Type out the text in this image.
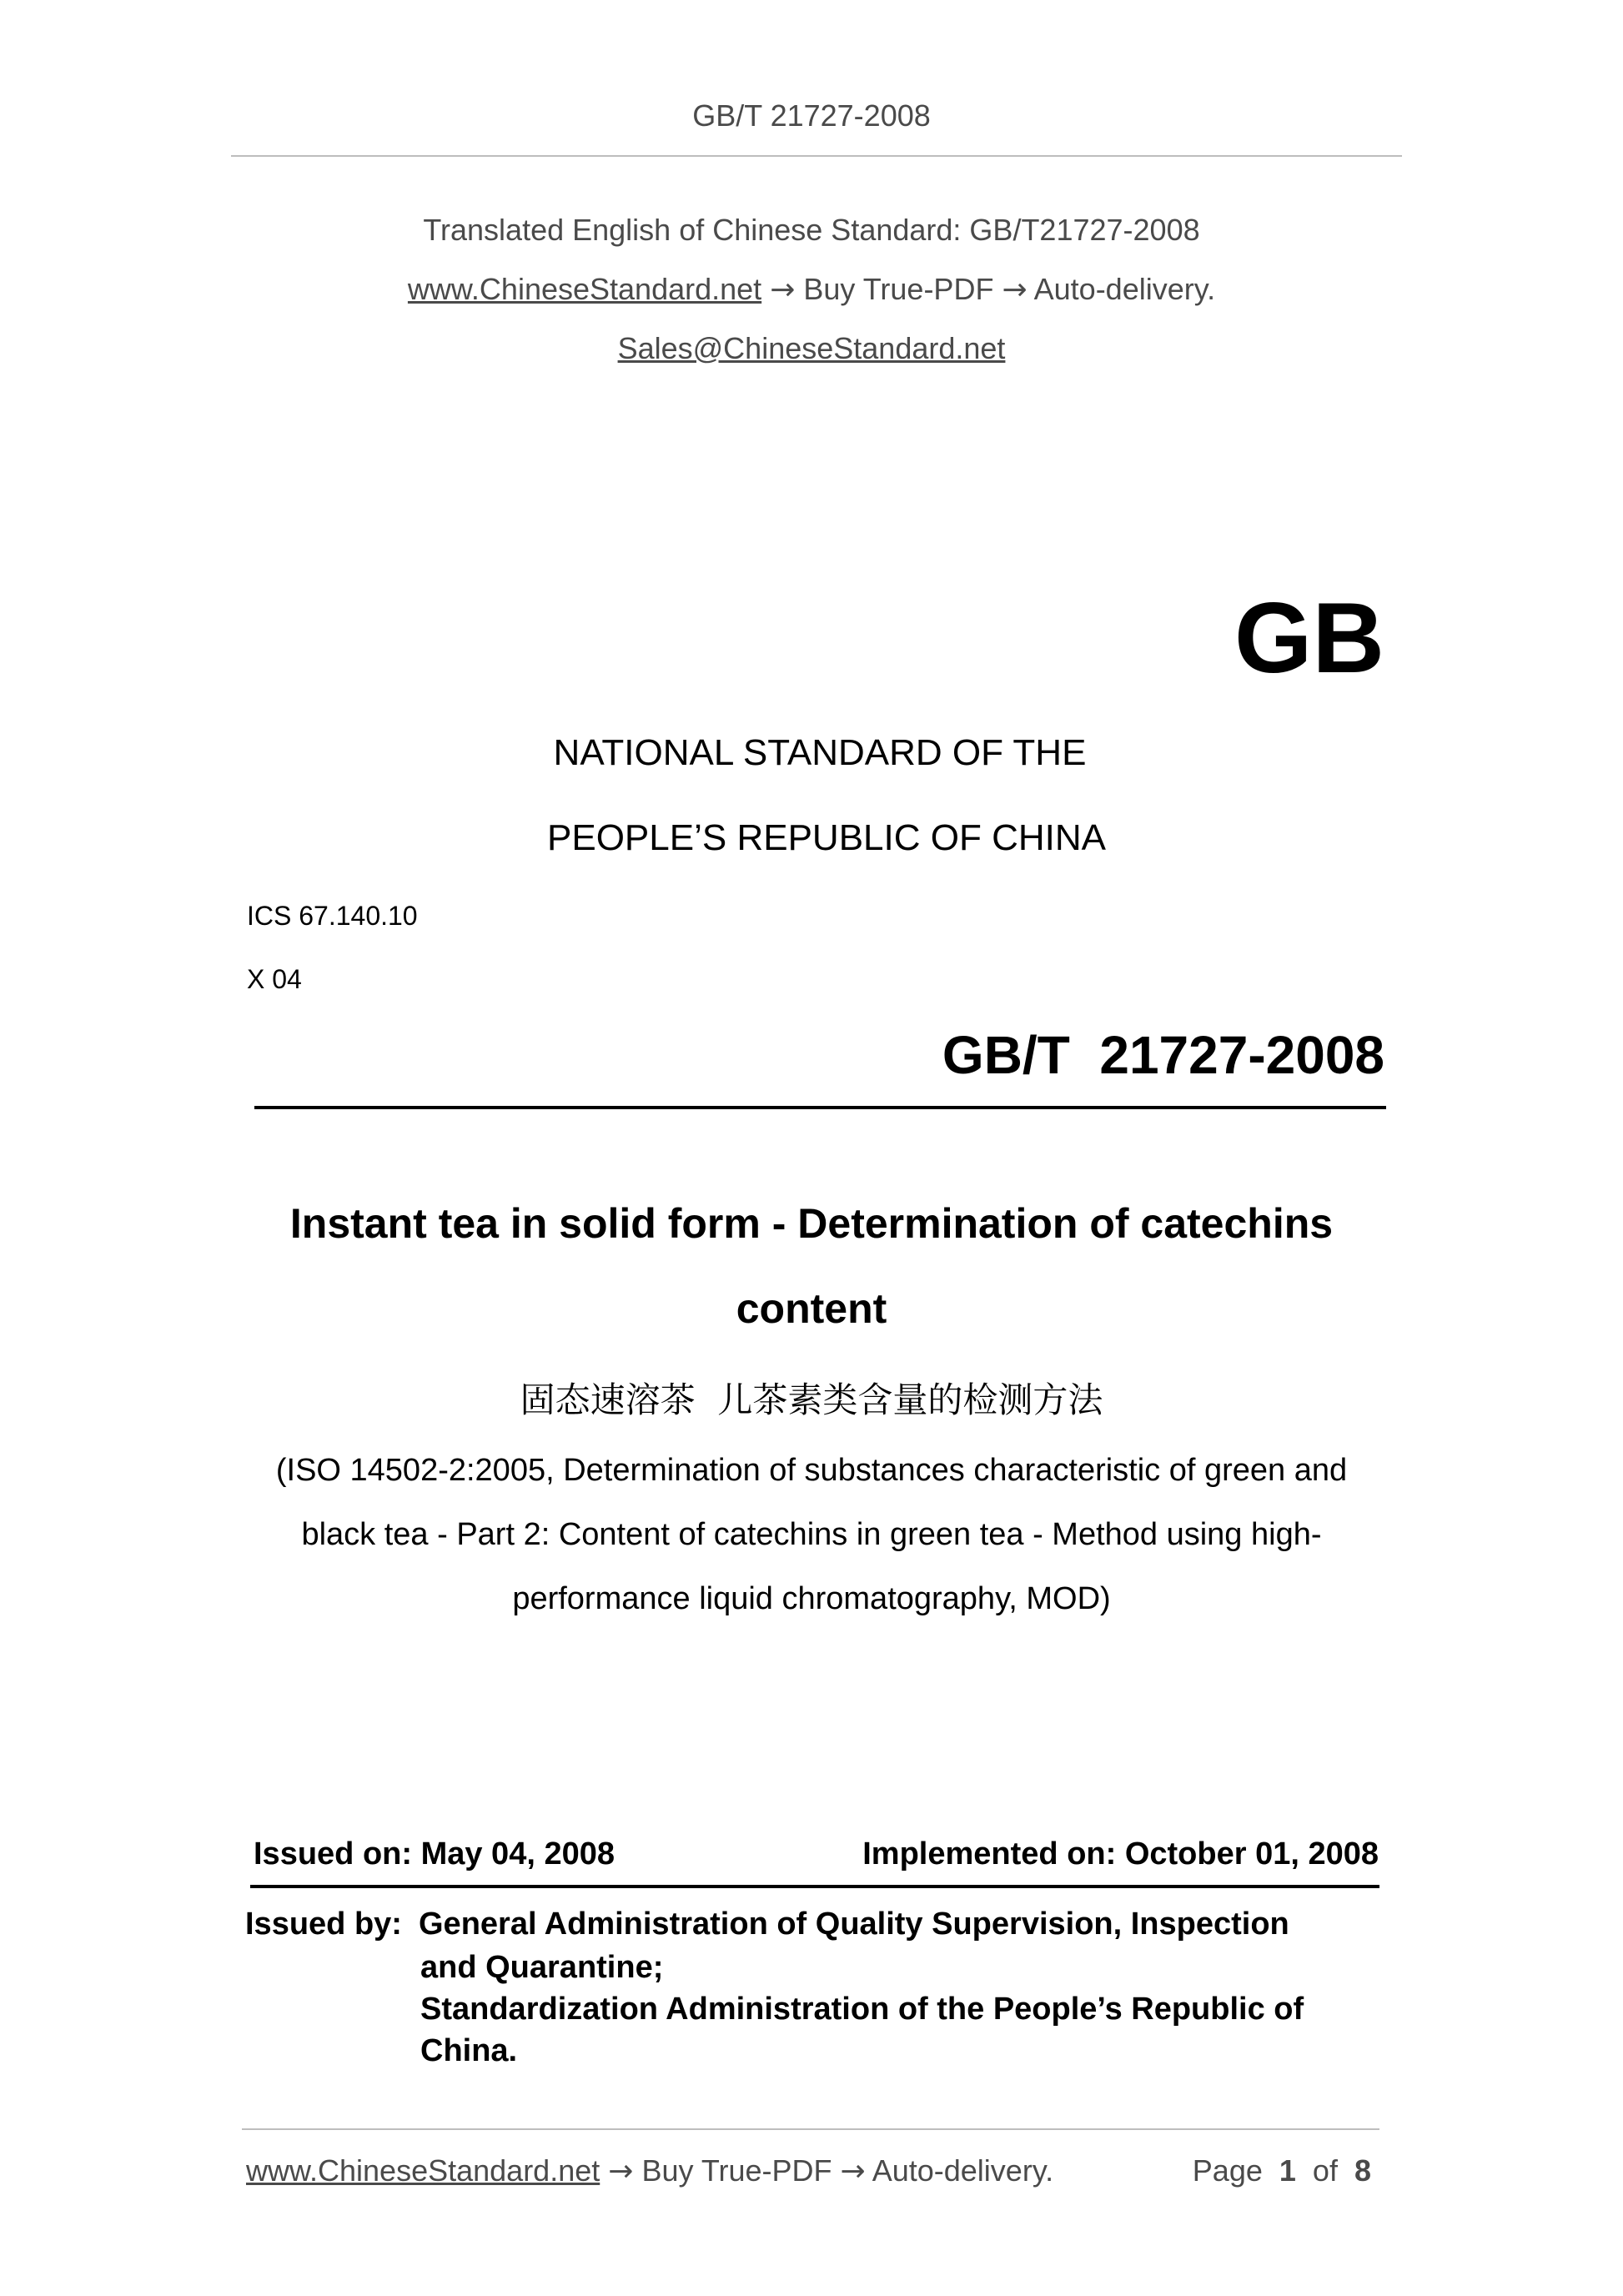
GB/T 21727-2008
Translated English of Chinese Standard: GB/T21727-2008
www.ChineseStandard.net → Buy True-PDF → Auto-delivery.
Sales@ChineseStandard.net
GB
NATIONAL STANDARD OF THE
PEOPLE’S REPUBLIC OF CHINA
ICS 67.140.10
X 04
GB/T  21727-2008
Instant tea in solid form - Determination of catechins
content
固态速溶茶  儿茶素类含量的检测方法
(ISO 14502-2:2005, Determination of substances characteristic of green and
black tea - Part 2: Content of catechins in green tea - Method using high-
performance liquid chromatography, MOD)
Issued on: May 04, 2008	Implemented on: October 01, 2008
Issued by: General Administration of Quality Supervision, Inspection
and Quarantine;
Standardization Administration of the People’s Republic of
China.
www.ChineseStandard.net → Buy True-PDF → Auto-delivery.	Page 1 of 8
